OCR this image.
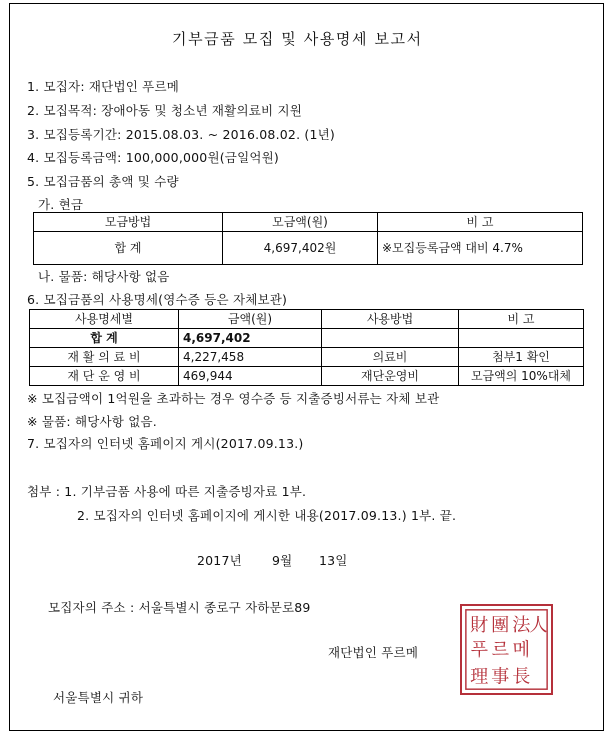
기부금품 모집 및 사용명세 보고서
1. 모집자: 재단법인 푸르메
2. 모집목적: 장애아동 및 청소년 재활의료비 지원
3. 모집등록기간: 2015.08.03. ~ 2016.08.02. (1년)
4. 모집등록금액: 100,000,000원(금일억원)
5. 모집금품의 총액 및 수량
가. 현금
모금방법	모금액(원)	비 고
합 계	4,697,402원	※모집등록금액 대비 4.7%
나. 물품: 해당사항 없음
6. 모집금품의 사용명세(영수증 등은 자체보관)
사용명세별	금액(원)	사용방법	비 고
합 계	4,697,402		
재 활 의 료 비	4,227,458	의료비	첨부1 확인
재 단 운 영 비	469,944	재단운영비	모금액의 10%대체
※ 모집금액이 1억원을 초과하는 경우 영수증 등 지출증빙서류는 자체 보관
※ 물품: 해당사항 없음.
7. 모집자의 인터넷 홈페이지 게시(2017.09.13.)
첨부 : 1. 기부금품 사용에 따른 지출증빙자료 1부.
2. 모집자의 인터넷 홈페이지에 게시한 내용(2017.09.13.) 1부. 끝.
2017년 9월 13일
모집자의 주소 : 서울특별시 종로구 자하문로89
재단법인 푸르메
財 團 法 人
푸 르 메
理 事 長
서울특별시 귀하
